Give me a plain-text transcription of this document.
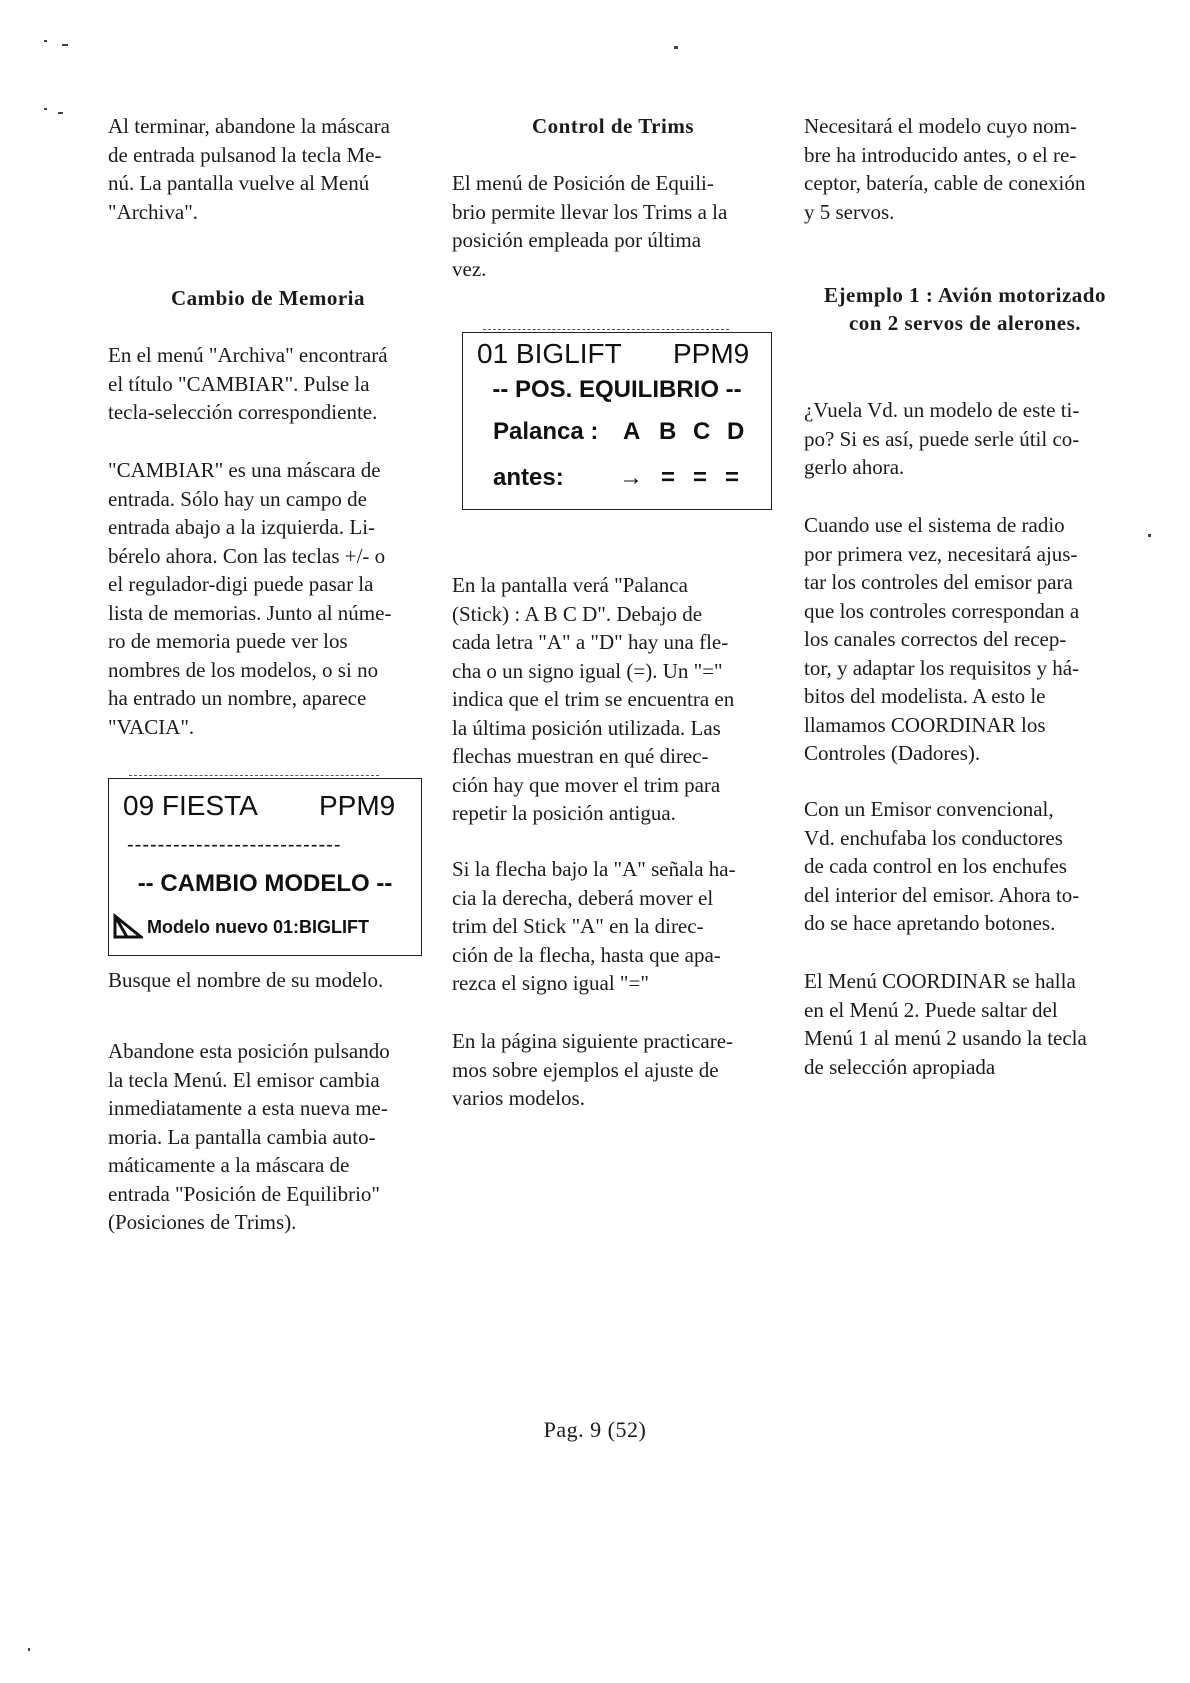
Al terminar, abandone la máscara
de entrada pulsanod la tecla Me-
nú. La pantalla vuelve al Menú
"Archiva".

Cambio de Memoria

En el menú "Archiva" encontrará
el título "CAMBIAR". Pulse la
tecla-selección correspondiente.

"CAMBIAR" es una máscara de
entrada. Sólo hay un campo de
entrada abajo a la izquierda. Li-
bérelo ahora. Con las teclas +/- o
el regulador-digi puede pasar la
lista de memorias. Junto al núme-
ro de memoria puede ver los
nombres de los modelos, o si no
ha entrado un nombre, aparece
"VACIA".

09 FIESTA PPM9
----------------------------
-- CAMBIO MODELO --
Modelo nuevo 01:BIGLIFT

Busque el nombre de su modelo.

Abandone esta posición pulsando
la tecla Menú. El emisor cambia
inmediatamente a esta nueva me-
moria. La pantalla cambia auto-
máticamente a la máscara de
entrada "Posición de Equilibrio"
(Posiciones de Trims).

Control de Trims

El menú de Posición de Equili-
brio permite llevar los Trims a la
posición empleada por última
vez.

01 BIGLIFT PPM9
-- POS. EQUILIBRIO --
Palanca : A B C D
antes: → = = =

En la pantalla verá "Palanca
(Stick) : A B C D". Debajo de
cada letra "A" a "D" hay una fle-
cha o un signo igual (=). Un "="
indica que el trim se encuentra en
la última posición utilizada. Las
flechas muestran en qué direc-
ción hay que mover el trim para
repetir la posición antigua.

Si la flecha bajo la "A" señala ha-
cia la derecha, deberá mover el
trim del Stick "A" en la direc-
ción de la flecha, hasta que apa-
rezca el signo igual "="

En la página siguiente practicare-
mos sobre ejemplos el ajuste de
varios modelos.

Necesitará el modelo cuyo nom-
bre ha introducido antes, o el re-
ceptor, batería, cable de conexión
y 5 servos.

Ejemplo 1 : Avión motorizado
con 2 servos de alerones.

¿Vuela Vd. un modelo de este ti-
po? Si es así, puede serle útil co-
gerlo ahora.

Cuando use el sistema de radio
por primera vez, necesitará ajus-
tar los controles del emisor para
que los controles correspondan a
los canales correctos del recep-
tor, y adaptar los requisitos y há-
bitos del modelista. A esto le
llamamos COORDINAR los
Controles (Dadores).

Con un Emisor convencional,
Vd. enchufaba los conductores
de cada control en los enchufes
del interior del emisor. Ahora to-
do se hace apretando botones.

El Menú COORDINAR se halla
en el Menú 2. Puede saltar del
Menú 1 al menú 2 usando la tecla
de selección apropiada

Pag. 9 (52)
